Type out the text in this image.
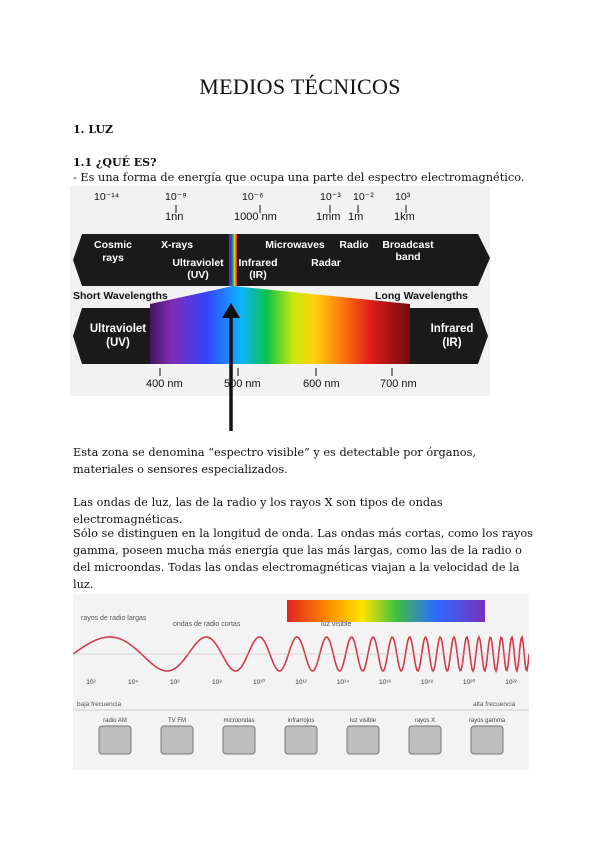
MEDIOS TÉCNICOS
1. LUZ
1.1 ¿QUÉ ES?
- Es una forma de energía que ocupa una parte del espectro electromagnético.
10⁻¹⁴	10⁻⁹	10⁻⁶	10⁻³ 10⁻² 10³
1nn	1000 nm	1mm 1m	1km
Cosmic
rays
X-rays
Ultraviolet
(UV)
Infrared
(IR)
Microwaves
Radar
Radio Broadcast
band
Short Wavelengths	Long Wavelengths
Ultraviolet
(UV)
Infrared
(IR)
400 nm	500 nm	600 nm	700 nm
Esta zona se denomina “espectro visible” y es detectable por órganos, materiales o sensores especializados.
Las ondas de luz, las de la radio y los rayos X son tipos de ondas electromagnéticas.
Sólo se distinguen en la longitud de onda. Las ondas más cortas, como los rayos gamma, poseen mucha más energía que las más largas, como las de la radio o del microondas. Todas las ondas electromagnéticas viajan a la velocidad de la luz.
rayos de radio largas
ondas de radio cortas	luz visible
10²	10⁴	10⁶	10⁸	10¹⁰	10¹²	10¹⁴	10¹⁶	10¹⁸	10²⁰	10²²
baja frecuencia	alta frecuencia
radio AM	TV FM	microondas	infrarrojos	luz visible	rayos X	rayos gamma
